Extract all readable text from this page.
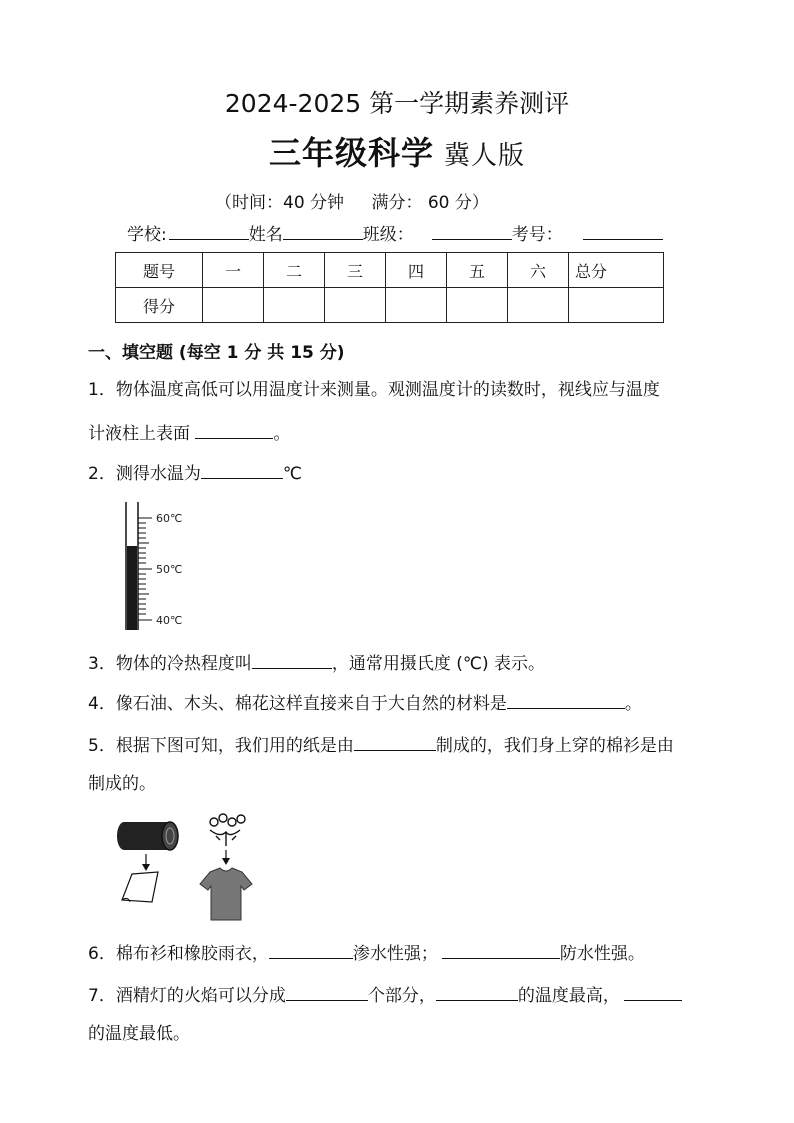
2024-2025 第一学期素养测评
三年级科学 冀人版
（时间：40 分钟 满分： 60 分）
学校:	姓名	班级：	考号：
题号	一	二	三	四	五	六	总分
得分							
一、填空题 (每空 1 分 共 15 分)
1．物体温度高低可以用温度计来测量。观测温度计的读数时，视线应与温度
计液柱上表面	。
2．测得水温为	℃
60℃
50℃
40℃
3．物体的冷热程度叫	，通常用摄氏度 (℃) 表示。
4．像石油、木头、棉花这样直接来自于大自然的材料是	。
5．根据下图可知，我们用的纸是由	制成的，我们身上穿的棉衫是由
制成的。
6．棉布衫和橡胶雨衣，	渗水性强；	防水性强。
7．酒精灯的火焰可以分成	个部分，	的温度最高，
的温度最低。
